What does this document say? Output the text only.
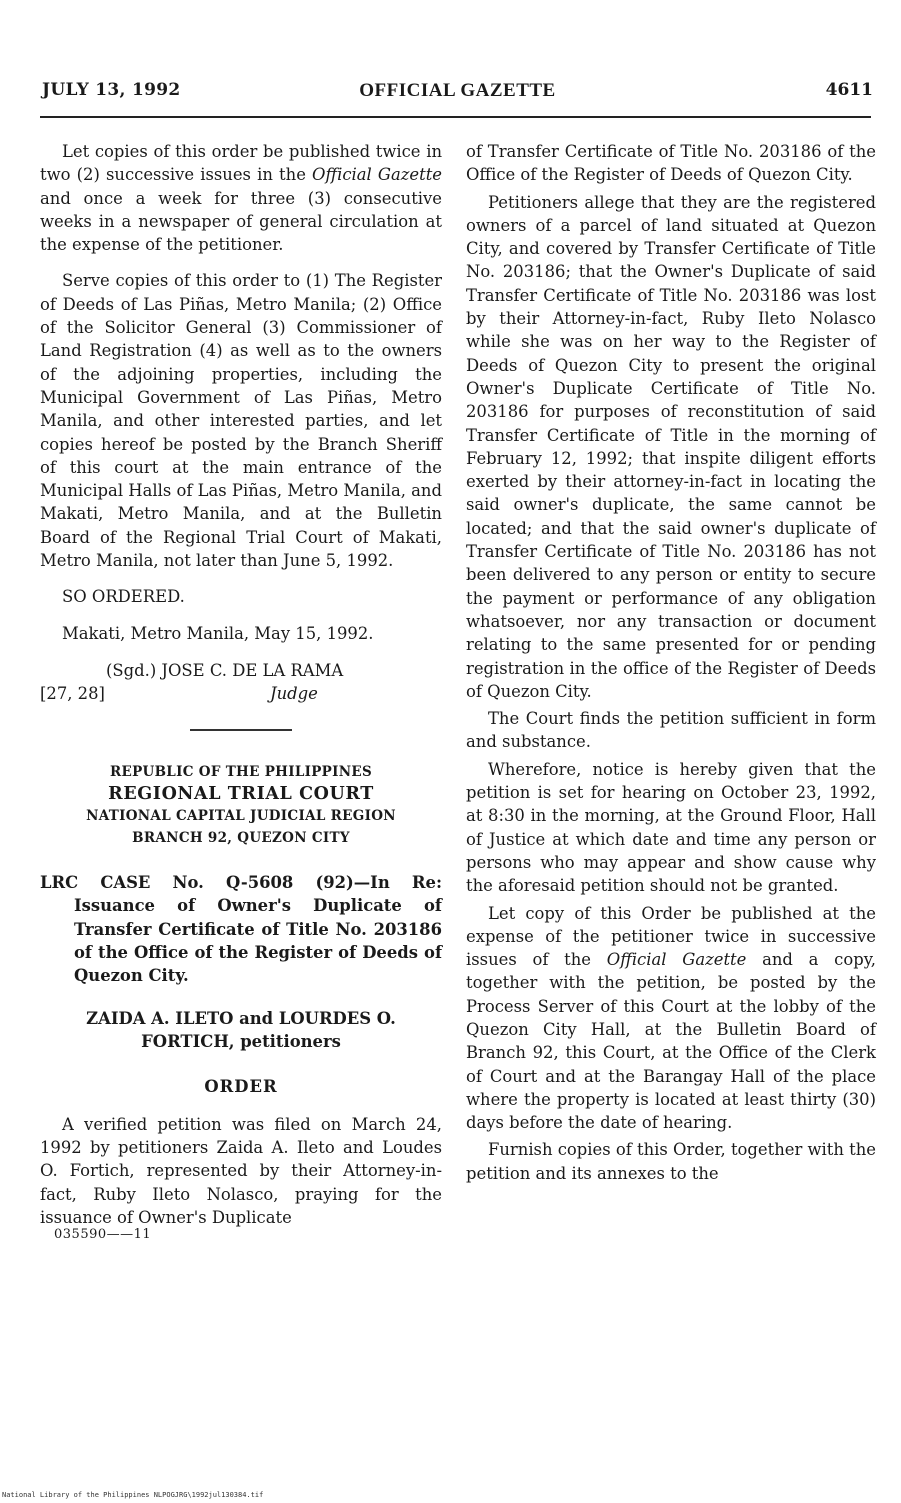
JULY 13, 1992	OFFICIAL GAZETTE	4611

Let copies of this order be published twice in two (2) successive issues in the Official Gazette and once a week for three (3) consecutive weeks in a newspaper of general circulation at the expense of the petitioner.

Serve copies of this order to (1) The Register of Deeds of Las Piñas, Metro Manila; (2) Office of the Solicitor General (3) Commissioner of Land Registration (4) as well as to the owners of the adjoining properties, including the Municipal Government of Las Piñas, Metro Manila, and other interested parties, and let copies hereof be posted by the Branch Sheriff of this court at the main entrance of the Municipal Halls of Las Piñas, Metro Manila, and Makati, Metro Manila, and at the Bulletin Board of the Regional Trial Court of Makati, Metro Manila, not later than June 5, 1992.

SO ORDERED.

Makati, Metro Manila, May 15, 1992.

(Sgd.) JOSE C. DE LA RAMA
[27, 28]	Judge
REPUBLIC OF THE PHILIPPINES
REGIONAL TRIAL COURT
NATIONAL CAPITAL JUDICIAL REGION
BRANCH 92, QUEZON CITY
LRC CASE No. Q-5608 (92)—In Re: Issuance of Owner's Duplicate of Transfer Certificate of Title No. 203186 of the Office of the Register of Deeds of Quezon City.
ZAIDA A. ILETO and LOURDES O.
FORTICH, petitioners
ORDER

A verified petition was filed on March 24, 1992 by petitioners Zaida A. Ileto and Loudes O. Fortich, represented by their Attorney-in-fact, Ruby Ileto Nolasco, praying for the issuance of Owner's Duplicate

035590——11

of Transfer Certificate of Title No. 203186 of the Office of the Register of Deeds of Quezon City.

Petitioners allege that they are the registered owners of a parcel of land situated at Quezon City, and covered by Transfer Certificate of Title No. 203186; that the Owner's Duplicate of said Transfer Certificate of Title No. 203186 was lost by their Attorney-in-fact, Ruby Ileto Nolasco while she was on her way to the Register of Deeds of Quezon City to present the original Owner's Duplicate Certificate of Title No. 203186 for purposes of reconstitution of said Transfer Certificate of Title in the morning of February 12, 1992; that inspite diligent efforts exerted by their attorney-in-fact in locating the said owner's duplicate, the same cannot be located; and that the said owner's duplicate of Transfer Certificate of Title No. 203186 has not been delivered to any person or entity to secure the payment or performance of any obligation whatsoever, nor any transaction or document relating to the same presented for or pending registration in the office of the Register of Deeds of Quezon City.

The Court finds the petition sufficient in form and substance.

Wherefore, notice is hereby given that the petition is set for hearing on October 23, 1992, at 8:30 in the morning, at the Ground Floor, Hall of Justice at which date and time any person or persons who may appear and show cause why the aforesaid petition should not be granted.

Let copy of this Order be published at the expense of the petitioner twice in successive issues of the Official Gazette and a copy, together with the petition, be posted by the Process Server of this Court at the lobby of the Quezon City Hall, at the Bulletin Board of Branch 92, this Court, at the Office of the Clerk of Court and at the Barangay Hall of the place where the property is located at least thirty (30) days before the date of hearing.

Furnish copies of this Order, together with the petition and its annexes to the

National Library of the Philippines NLPOGJRG\1992jul130384.tif
